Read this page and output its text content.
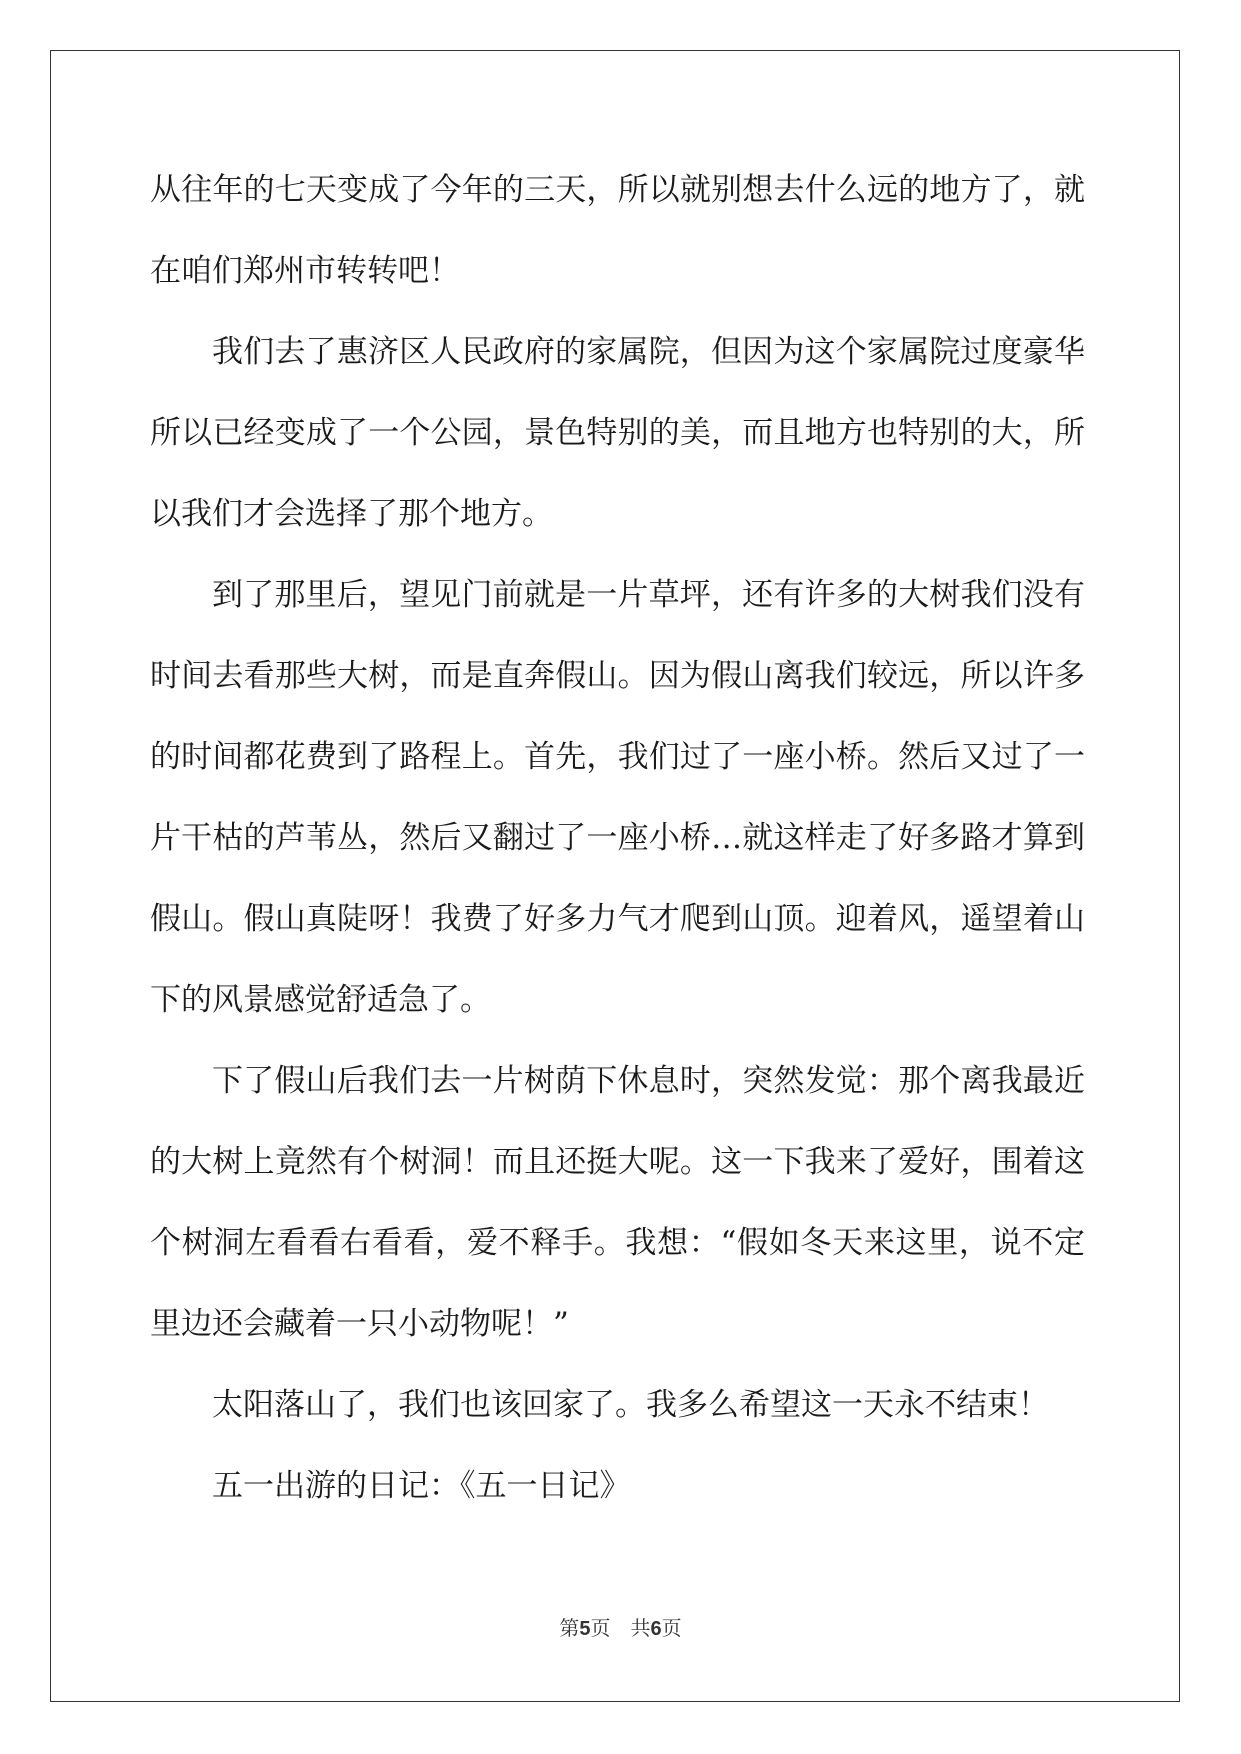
从往年的七天变成了今年的三天，所以就别想去什么远的地方了，就
在咱们郑州市转转吧！
我们去了惠济区人民政府的家属院，但因为这个家属院过度豪华
所以已经变成了一个公园，景色特别的美，而且地方也特别的大，所
以我们才会选择了那个地方。
到了那里后，望见门前就是一片草坪，还有许多的大树我们没有
时间去看那些大树，而是直奔假山。因为假山离我们较远，所以许多
的时间都花费到了路程上。首先，我们过了一座小桥。然后又过了一
片干枯的芦苇丛，然后又翻过了一座小桥…就这样走了好多路才算到
假山。假山真陡呀！我费了好多力气才爬到山顶。迎着风，遥望着山
下的风景感觉舒适急了。
下了假山后我们去一片树荫下休息时，突然发觉：那个离我最近
的大树上竟然有个树洞！而且还挺大呢。这一下我来了爱好，围着这
个树洞左看看右看看，爱不释手。我想：“假如冬天来这里，说不定
里边还会藏着一只小动物呢！”
太阳落山了，我们也该回家了。我多么希望这一天永不结束！
五一出游的日记：《五一日记》
第5页　共6页
